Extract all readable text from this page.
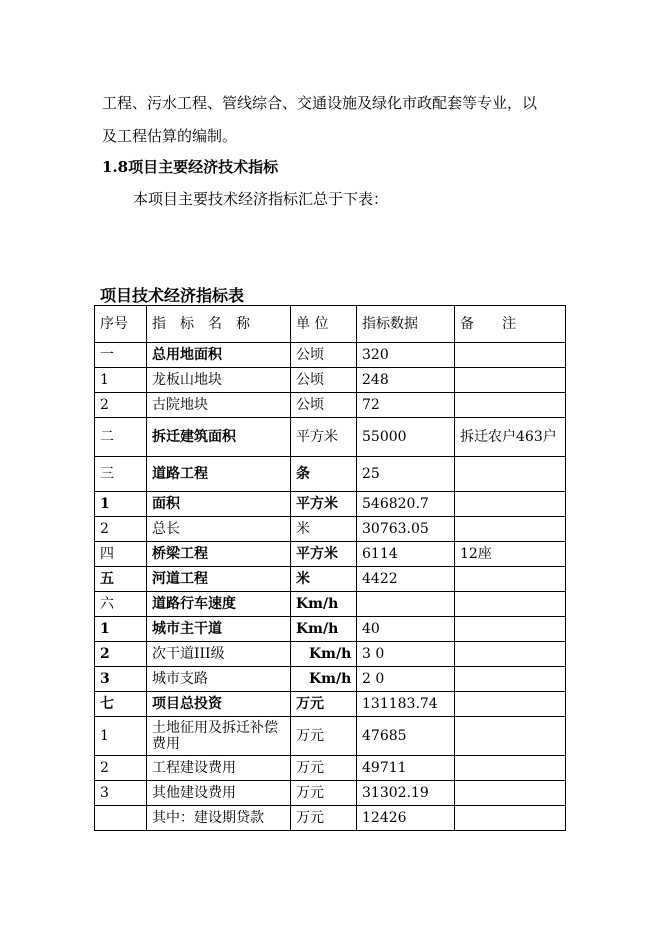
工程、污水工程、管线综合、交通设施及绿化市政配套等专业，以
及工程估算的编制。
1.8项目主要经济技术指标
本项目主要技术经济指标汇总于下表：
项目技术经济指标表
序号	指　标　名　称	单 位	指标数据	备　　注
一	总用地面积	公顷	320	
1	龙板山地块	公顷	248	
2	古院地块	公顷	72	
二	拆迁建筑面积	平方米	55000	拆迁农户463户
三	道路工程	条	25	
1	面积	平方米	546820.7	
2	总长	米	30763.05	
四	桥梁工程	平方米	6114	12座
五	河道工程	米	4422	
六	道路行车速度	Km/h		
1	城市主干道	Km/h	40	
2	次干道III级	Km/h	3 0	
3	城市支路	Km/h	2 0	
七	项目总投资	万元	131183.74	
1	土地征用及拆迁补偿费用	万元	47685	
2	工程建设费用	万元	49711	
3	其他建设费用	万元	31302.19	
	其中：建设期贷款	万元	12426	
